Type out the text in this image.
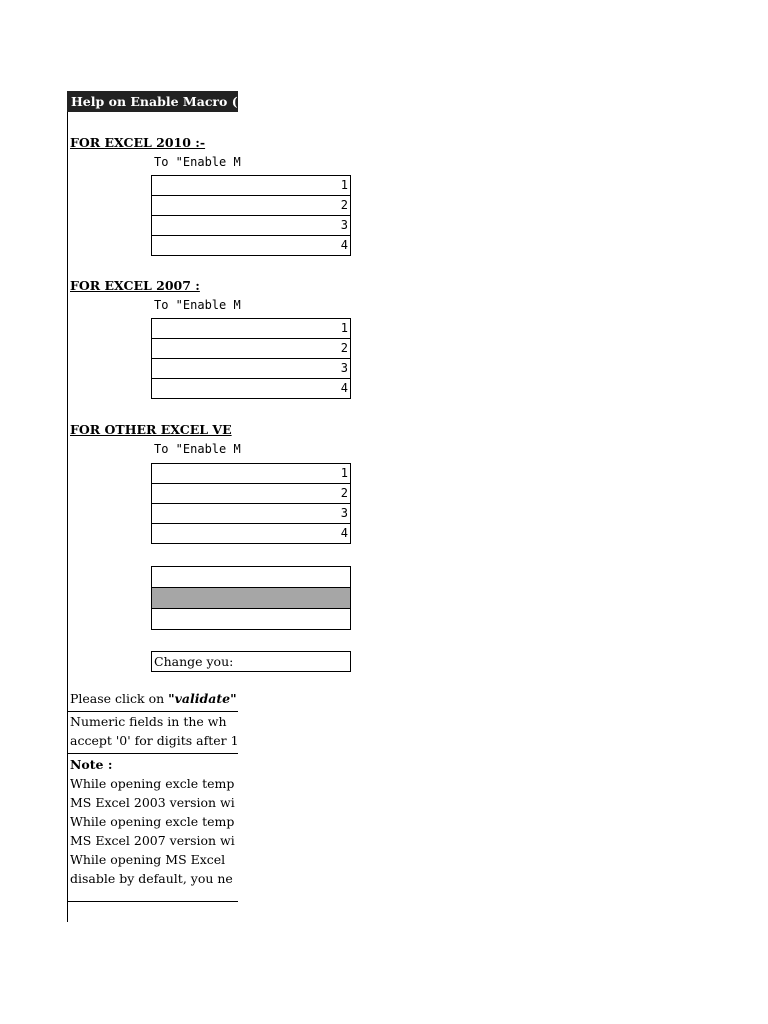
Help on Enable Macro (I
FOR EXCEL 2010 :-
To "Enable M
1
2
3
4
FOR EXCEL 2007 :
To "Enable M
1
2
3
4
FOR OTHER EXCEL VE
To "Enable M
1
2
3
4
Change you:
Please click on "validate"
Numeric fields in the wh
accept '0' for digits after 1
Note :
While opening excle temp
MS Excel 2003 version wi
While opening excle temp
MS Excel 2007 version wi
While opening MS Excel
disable by default, you ne
